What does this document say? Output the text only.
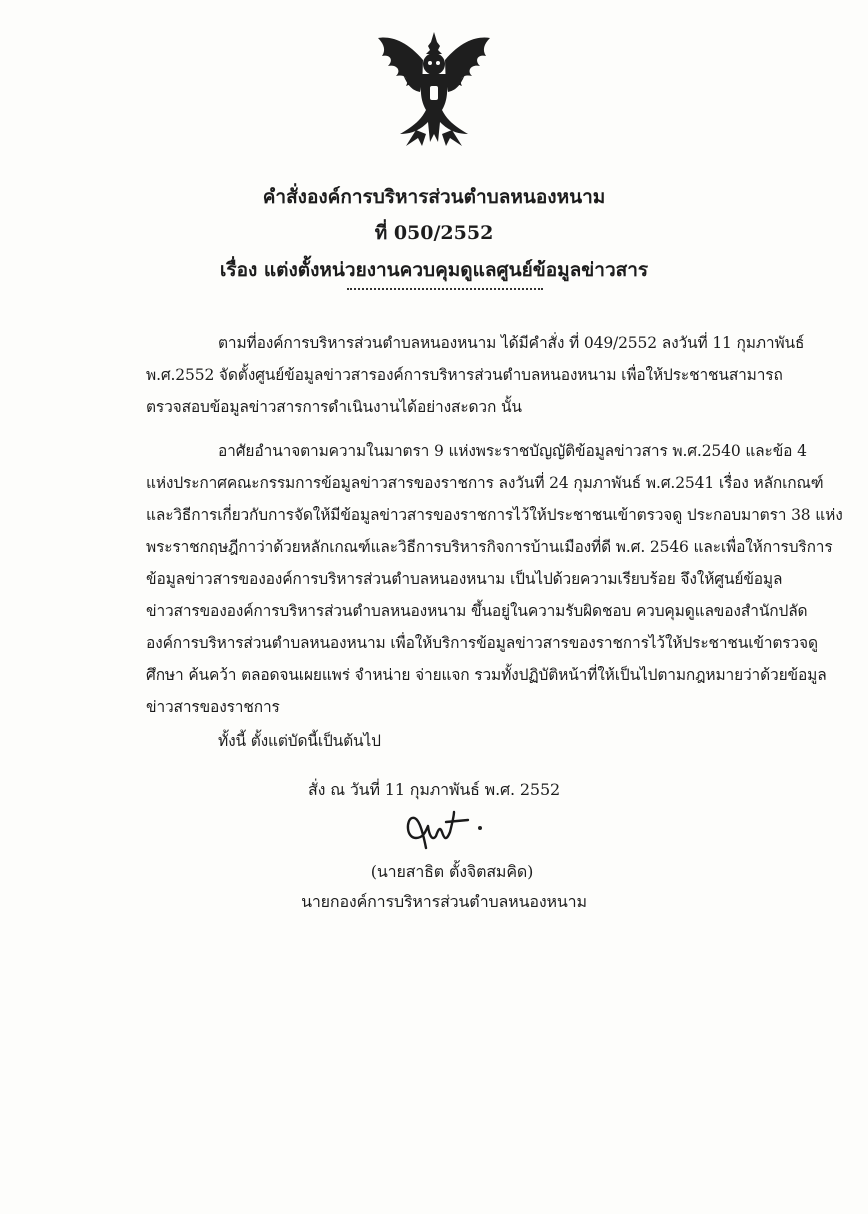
คำสั่งองค์การบริหารส่วนตำบลหนองหนาม
ที่ 050/2552
เรื่อง แต่งตั้งหน่วยงานควบคุมดูแลศูนย์ข้อมูลข่าวสาร
ตามที่องค์การบริหารส่วนตำบลหนองหนาม ได้มีคำสั่ง ที่ 049/2552 ลงวันที่ 11 กุมภาพันธ์
พ.ศ.2552 จัดตั้งศูนย์ข้อมูลข่าวสารองค์การบริหารส่วนตำบลหนองหนาม เพื่อให้ประชาชนสามารถ
ตรวจสอบข้อมูลข่าวสารการดำเนินงานได้อย่างสะดวก นั้น
อาศัยอำนาจตามความในมาตรา 9 แห่งพระราชบัญญัติข้อมูลข่าวสาร พ.ศ.2540 และข้อ 4
แห่งประกาศคณะกรรมการข้อมูลข่าวสารของราชการ ลงวันที่ 24 กุมภาพันธ์ พ.ศ.2541 เรื่อง หลักเกณฑ์
และวิธีการเกี่ยวกับการจัดให้มีข้อมูลข่าวสารของราชการไว้ให้ประชาชนเข้าตรวจดู ประกอบมาตรา 38 แห่ง
พระราชกฤษฎีกาว่าด้วยหลักเกณฑ์และวิธีการบริหารกิจการบ้านเมืองที่ดี พ.ศ. 2546 และเพื่อให้การบริการ
ข้อมูลข่าวสารขององค์การบริหารส่วนตำบลหนองหนาม เป็นไปด้วยความเรียบร้อย จึงให้ศูนย์ข้อมูล
ข่าวสารขององค์การบริหารส่วนตำบลหนองหนาม ขึ้นอยู่ในความรับผิดชอบ ควบคุมดูแลของสำนักปลัด
องค์การบริหารส่วนตำบลหนองหนาม เพื่อให้บริการข้อมูลข่าวสารของราชการไว้ให้ประชาชนเข้าตรวจดู
ศึกษา ค้นคว้า ตลอดจนเผยแพร่ จำหน่าย จ่ายแจก รวมทั้งปฏิบัติหน้าที่ให้เป็นไปตามกฎหมายว่าด้วยข้อมูล
ข่าวสารของราชการ
ทั้งนี้ ตั้งแต่บัดนี้เป็นต้นไป
สั่ง ณ วันที่ 11 กุมภาพันธ์ พ.ศ. 2552
(นายสาธิต ตั้งจิตสมคิด)
นายกองค์การบริหารส่วนตำบลหนองหนาม
